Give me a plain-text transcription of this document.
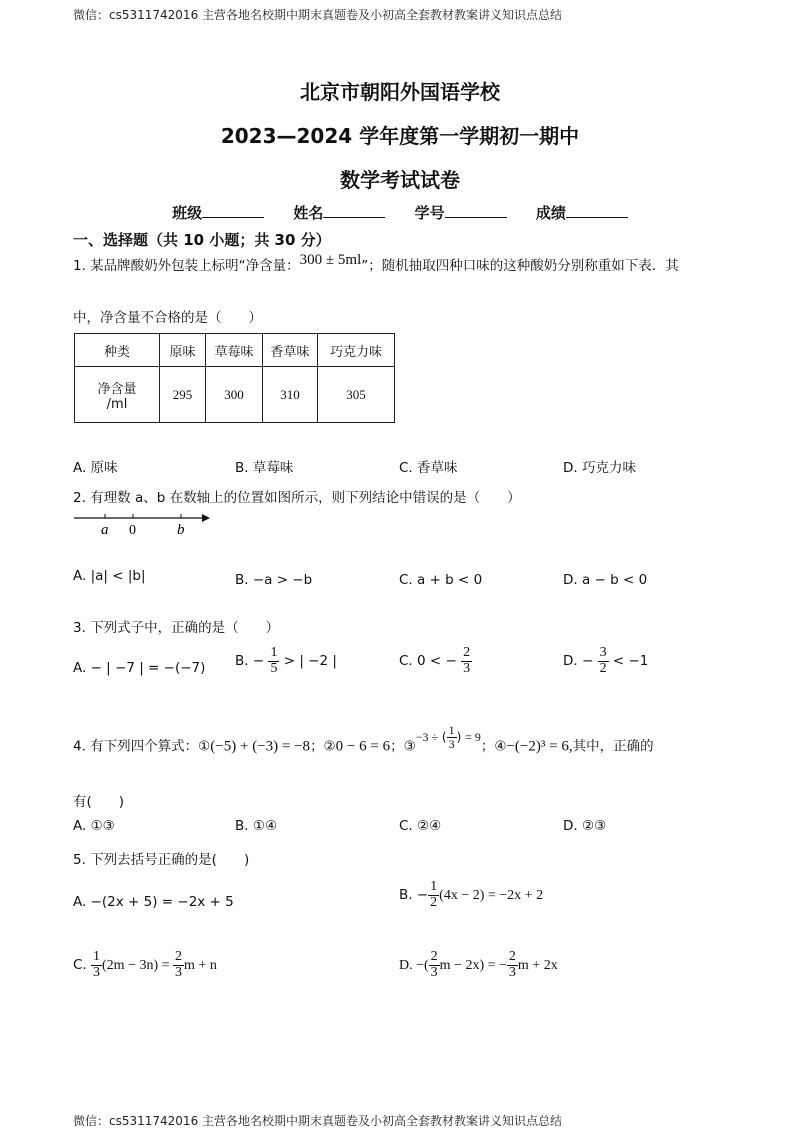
微信：cs5311742016 主营各地名校期中期末真题卷及小初高全套教材教案讲义知识点总结
北京市朝阳外国语学校
2023—2024 学年度第一学期初一期中
数学考试试卷
班级	姓名	学号	成绩
一、选择题（共 10 小题；共 30 分）
1. 某品牌酸奶外包装上标明“净含量：300 ± 5ml”；随机抽取四种口味的这种酸奶分别称重如下表．其
中，净含量不合格的是（　　）
种类	原味	草莓味	香草味	巧克力味

净含量
/ml	295	300	310	305
A. 原味	B. 草莓味	C. 香草味	D. 巧克力味
2. 有理数 a、b 在数轴上的位置如图所示，则下列结论中错误的是（　　）
a 0	b
A. |a| < |b|	B. −a > −b	C. a + b < 0	D. a − b < 0
3. 下列式子中，正确的是（　　）
A. − | −7 | = −(−7) B. − $\frac{1}{5}$ > | −2 |	C. 0 < − $\frac{2}{3}$	D. − $\frac{3}{2} < -1$
4. 有下列四个算式：①(−5) + (−3) = −8；②0 − 6 = 6；③−3 ÷ ( $\frac{1}{3}$ ) = 9；④−(−2)³ = 6,其中，正确的
有(　　)
A. ①③	B. ①④	C. ②④	D. ②③
5. 下列去括号正确的是(　　)
A. −(2x + 5) = −2x + 5	B. − $\frac{1}{2} (4x - 2) = -2x + 2$
C. $\frac{1}{3} (2m - 3n) = \frac{2}{3}$ m + n	D. −( $\frac{2}{3}$ m − 2x) = − $\frac{2}{3}$ m + 2x
微信：cs5311742016 主营各地名校期中期末真题卷及小初高全套教材教案讲义知识点总结
